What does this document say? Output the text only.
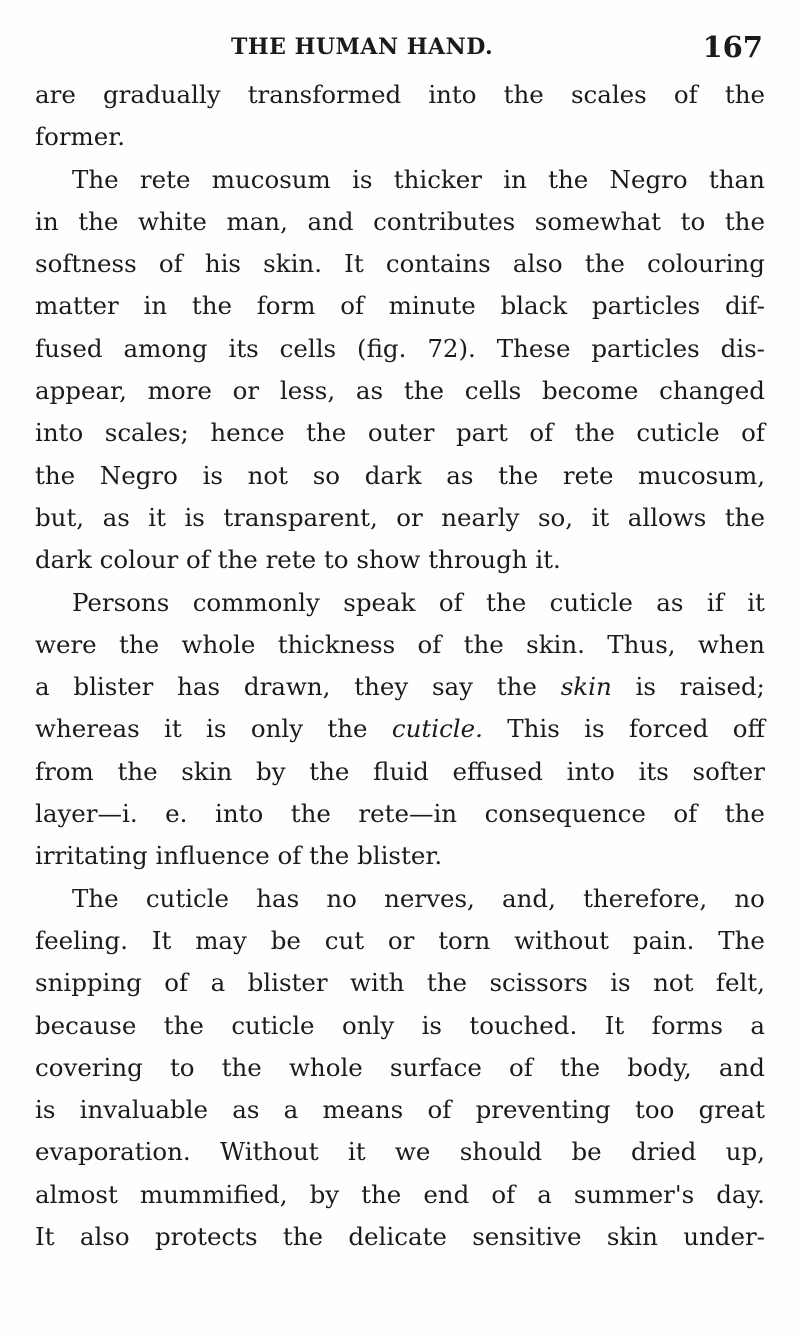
THE HUMAN HAND.	167
are gradually transformed into the scales of the
former.
The rete mucosum is thicker in the Negro than
in the white man, and contributes somewhat to the
softness of his skin. It contains also the colouring
matter in the form of minute black particles dif-
fused among its cells (fig. 72). These particles dis-
appear, more or less, as the cells become changed
into scales; hence the outer part of the cuticle of
the Negro is not so dark as the rete mucosum,
but, as it is transparent, or nearly so, it allows the
dark colour of the rete to show through it.
Persons commonly speak of the cuticle as if it
were the whole thickness of the skin. Thus, when
a blister has drawn, they say the skin is raised;
whereas it is only the cuticle. This is forced off
from the skin by the fluid effused into its softer
layer—i. e. into the rete—in consequence of the
irritating influence of the blister.
The cuticle has no nerves, and, therefore, no
feeling. It may be cut or torn without pain. The
snipping of a blister with the scissors is not felt,
because the cuticle only is touched. It forms a
covering to the whole surface of the body, and
is invaluable as a means of preventing too great
evaporation. Without it we should be dried up,
almost mummified, by the end of a summer's day.
It also protects the delicate sensitive skin under-
